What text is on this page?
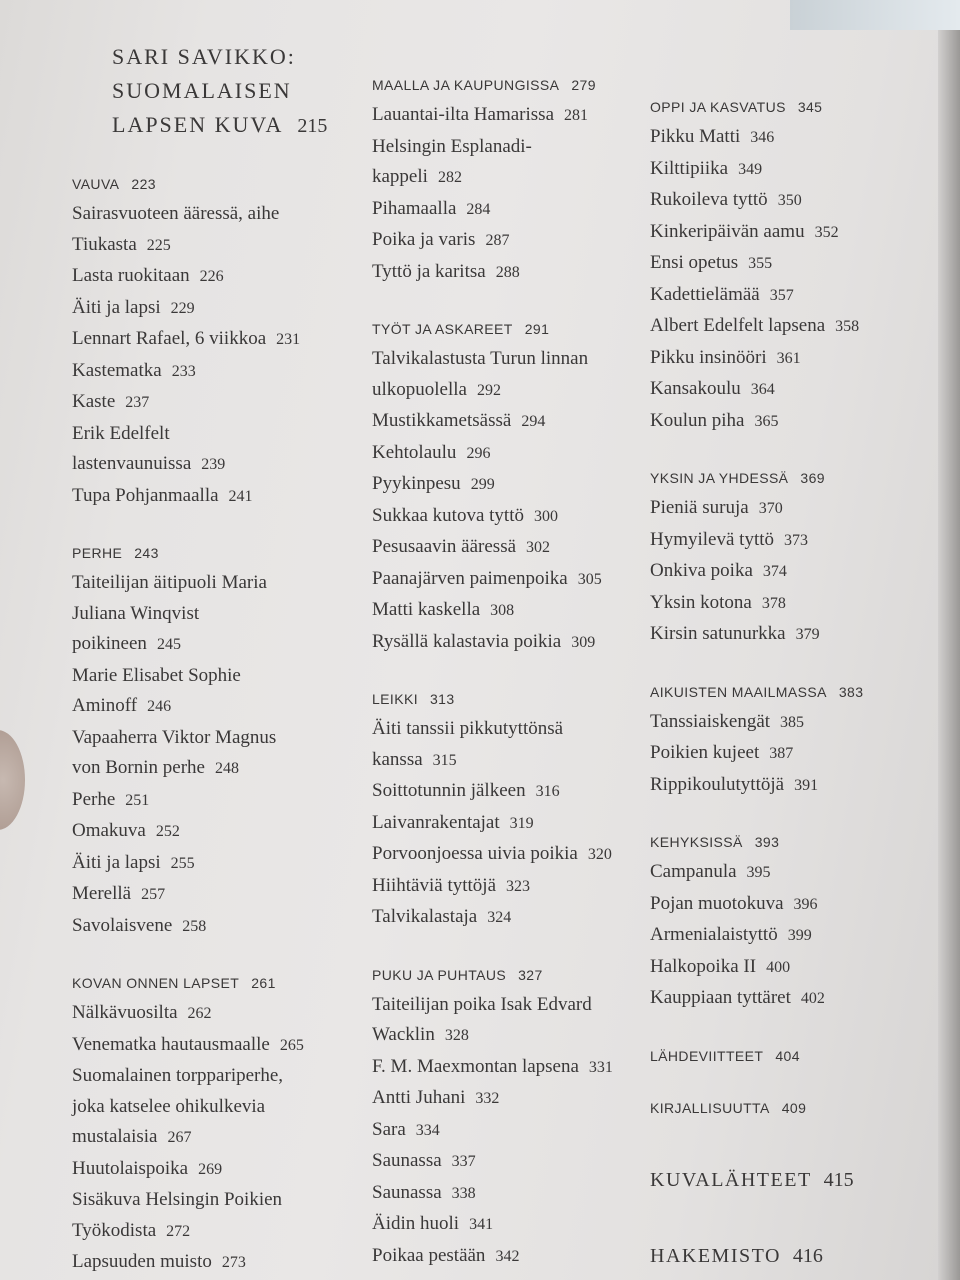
SARI SAVIKKO:
SUOMALAISEN
LAPSEN KUVA 215
VAUVA 223
Sairasvuoteen ääressä, aihe
Tiukasta 225
Lasta ruokitaan 226
Äiti ja lapsi 229
Lennart Rafael, 6 viikkoa 231
Kastematka 233
Kaste 237
Erik Edelfelt
lastenvaunuissa 239
Tupa Pohjanmaalla 241
PERHE 243
Taiteilijan äitipuoli Maria
Juliana Winqvist
poikineen 245
Marie Elisabet Sophie
Aminoff 246
Vapaaherra Viktor Magnus
von Bornin perhe 248
Perhe 251
Omakuva 252
Äiti ja lapsi 255
Merellä 257
Savolaisvene 258
KOVAN ONNEN LAPSET 261
Nälkävuosilta 262
Venematka hautausmaalle 265
Suomalainen torppariperhe,
joka katselee ohikulkevia
mustalaisia 267
Huutolaispoika 269
Sisäkuva Helsingin Poikien
Työkodista 272
Lapsuuden muisto 273
MAALLA JA KAUPUNGISSA 279
Lauantai-ilta Hamarissa 281
Helsingin Esplanadi-
kappeli 282
Pihamaalla 284
Poika ja varis 287
Tyttö ja karitsa 288
TYÖT JA ASKAREET 291
Talvikalastusta Turun linnan
ulkopuolella 292
Mustikkametsässä 294
Kehtolaulu 296
Pyykinpesu 299
Sukkaa kutova tyttö 300
Pesusaavin ääressä 302
Paanajärven paimenpoika 305
Matti kaskella 308
Rysällä kalastavia poikia 309
LEIKKI 313
Äiti tanssii pikkutyttönsä
kanssa 315
Soittotunnin jälkeen 316
Laivanrakentajat 319
Porvoonjoessa uivia poikia 320
Hiihtäviä tyttöjä 323
Talvikalastaja 324
PUKU JA PUHTAUS 327
Taiteilijan poika Isak Edvard
Wacklin 328
F. M. Maexmontan lapsena 331
Antti Juhani 332
Sara 334
Saunassa 337
Saunassa 338
Äidin huoli 341
Poikaa pestään 342
OPPI JA KASVATUS 345
Pikku Matti 346
Kilttipiika 349
Rukoileva tyttö 350
Kinkeripäivän aamu 352
Ensi opetus 355
Kadettielämää 357
Albert Edelfelt lapsena 358
Pikku insinööri 361
Kansakoulu 364
Koulun piha 365
YKSIN JA YHDESSÄ 369
Pieniä suruja 370
Hymyilevä tyttö 373
Onkiva poika 374
Yksin kotona 378
Kirsin satunurkka 379
AIKUISTEN MAAILMASSA 383
Tanssiaiskengät 385
Poikien kujeet 387
Rippikoulutyttöjä 391
KEHYKSISSÄ 393
Campanula 395
Pojan muotokuva 396
Armenialaistyttö 399
Halkopoika II 400
Kauppiaan tyttäret 402
LÄHDEVIITTEET 404
KIRJALLISUUTTA 409
KUVALÄHTEET 415
HAKEMISTO 416
